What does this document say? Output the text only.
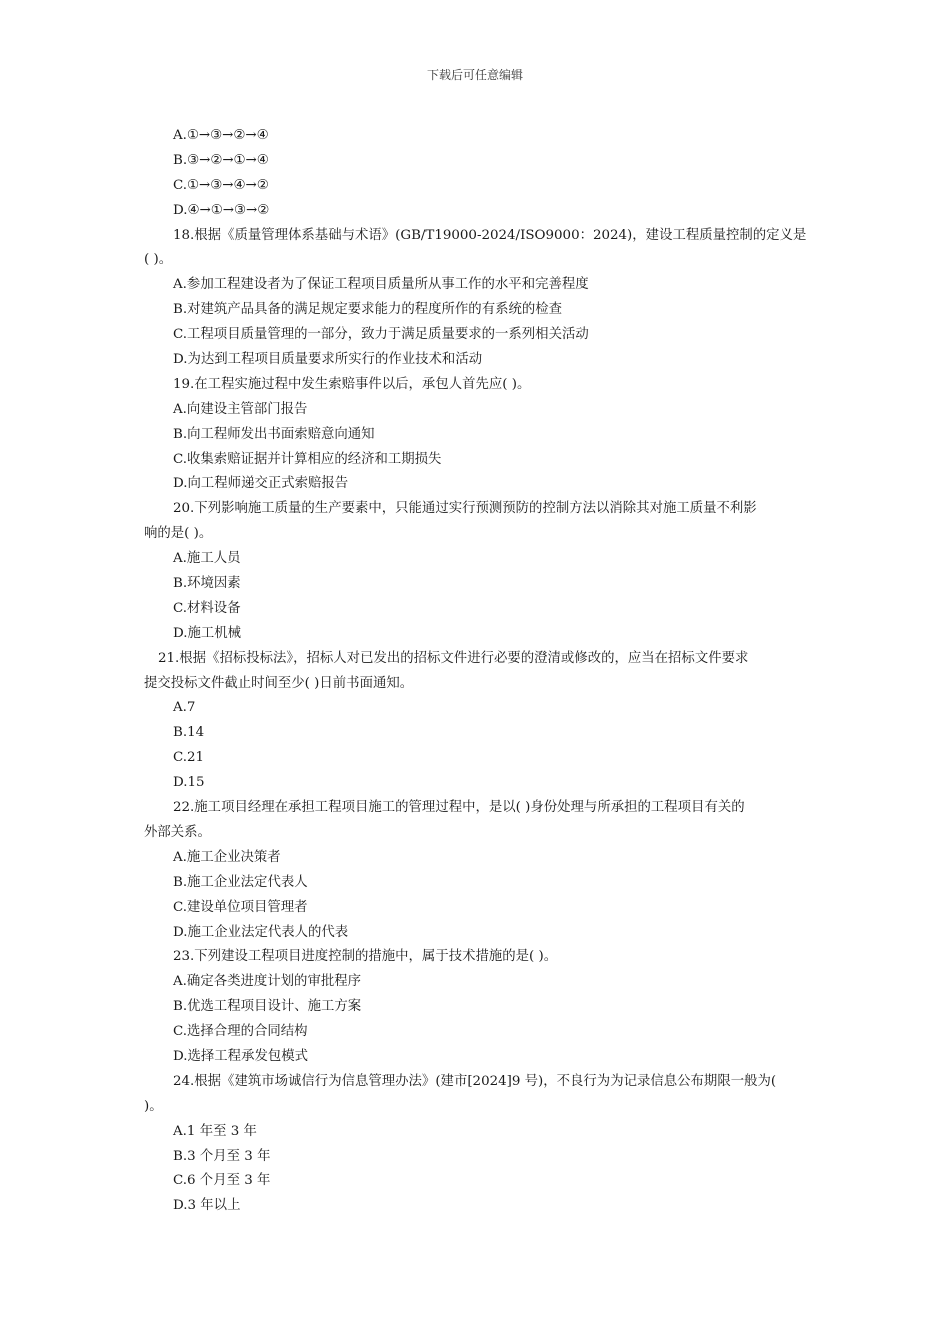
下载后可任意编辑
A.①→③→②→④
B.③→②→①→④
C.①→③→④→②
D.④→①→③→②
18.根据《质量管理体系基础与术语》(GB/T19000-2024/ISO9000：2024)，建设工程质量控制的定义是
( )。
A.参加工程建设者为了保证工程项目质量所从事工作的水平和完善程度
B.对建筑产品具备的满足规定要求能力的程度所作的有系统的检查
C.工程项目质量管理的一部分，致力于满足质量要求的一系列相关活动
D.为达到工程项目质量要求所实行的作业技术和活动
19.在工程实施过程中发生索赔事件以后，承包人首先应( )。
A.向建设主管部门报告
B.向工程师发出书面索赔意向通知
C.收集索赔证据并计算相应的经济和工期损失
D.向工程师递交正式索赔报告
20.下列影响施工质量的生产要素中，只能通过实行预测预防的控制方法以消除其对施工质量不利影
响的是( )。
A.施工人员
B.环境因素
C.材料设备
D.施工机械
21.根据《招标投标法》，招标人对已发出的招标文件进行必要的澄清或修改的，应当在招标文件要求
提交投标文件截止时间至少( )日前书面通知。
A.7
B.14
C.21
D.15
22.施工项目经理在承担工程项目施工的管理过程中，是以( )身份处理与所承担的工程项目有关的
外部关系。
A.施工企业决策者
B.施工企业法定代表人
C.建设单位项目管理者
D.施工企业法定代表人的代表
23.下列建设工程项目进度控制的措施中，属于技术措施的是( )。
A.确定各类进度计划的审批程序
B.优选工程项目设计、施工方案
C.选择合理的合同结构
D.选择工程承发包模式
24.根据《建筑市场诚信行为信息管理办法》(建市[2024]9 号)，不良行为为记录信息公布期限一般为(
)。
A.1 年至 3 年
B.3 个月至 3 年
C.6 个月至 3 年
D.3 年以上
